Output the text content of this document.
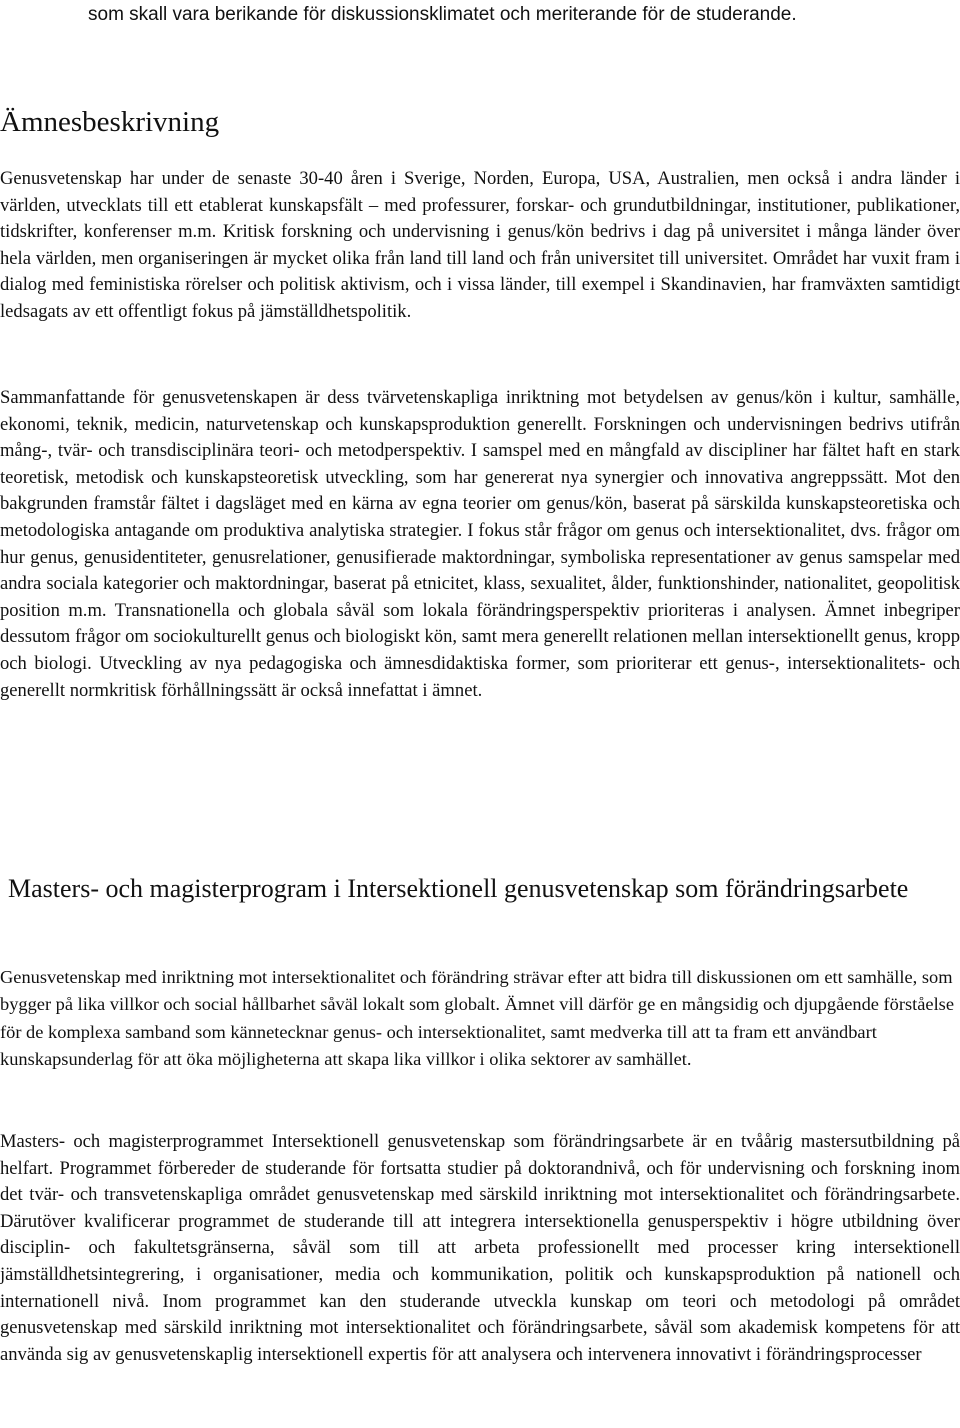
som skall vara berikande för diskussionsklimatet och meriterande för de studerande.

Ämnesbeskrivning

Genusvetenskap har under de senaste 30-40 åren i Sverige, Norden, Europa, USA, Australien, men också i andra länder i världen, utvecklats till ett etablerat kunskapsfält – med professurer, forskar- och grundutbildningar, institutioner, publikationer, tidskrifter, konferenser m.m. Kritisk forskning och undervisning i genus/kön bedrivs i dag på universitet i många länder över hela världen, men organiseringen är mycket olika från land till land och från universitet till universitet. Området har vuxit fram i dialog med feministiska rörelser och politisk aktivism, och i vissa länder, till exempel i Skandinavien, har framväxten samtidigt ledsagats av ett offentligt fokus på jämställdhetspolitik.

Sammanfattande för genusvetenskapen är dess tvärvetenskapliga inriktning mot betydelsen av genus/kön i kultur, samhälle, ekonomi, teknik, medicin, naturvetenskap och kunskapsproduktion generellt. Forskningen och undervisningen bedrivs utifrån mång-, tvär- och transdisciplinära teori- och metodperspektiv. I samspel med en mångfald av discipliner har fältet haft en stark teoretisk, metodisk och kunskapsteoretisk utveckling, som har genererat nya synergier och innovativa angreppssätt. Mot den bakgrunden framstår fältet i dagsläget med en kärna av egna teorier om genus/kön, baserat på särskilda kunskapsteoretiska och metodologiska antagande om produktiva analytiska strategier. I fokus står frågor om genus och intersektionalitet, dvs. frågor om hur genus, genusidentiteter, genusrelationer, genusifierade maktordningar, symboliska representationer av genus samspelar med andra sociala kategorier och maktordningar, baserat på etnicitet, klass, sexualitet, ålder, funktionshinder, nationalitet, geopolitisk position m.m. Transnationella och globala såväl som lokala förändringsperspektiv prioriteras i analysen. Ämnet inbegriper dessutom frågor om sociokulturellt genus och biologiskt kön, samt mera generellt relationen mellan intersektionellt genus, kropp och biologi. Utveckling av nya pedagogiska och ämnesdidaktiska former, som prioriterar ett genus-, intersektionalitets- och generellt normkritisk förhållningssätt är också innefattat i ämnet.

Masters- och magisterprogram i Intersektionell genusvetenskap som förändringsarbete

Genusvetenskap med inriktning mot intersektionalitet och förändring strävar efter att bidra till diskussionen om ett samhälle, som bygger på lika villkor och social hållbarhet såväl lokalt som globalt. Ämnet vill därför ge en mångsidig och djupgående förståelse för de komplexa samband som kännetecknar genus- och intersektionalitet, samt medverka till att ta fram ett användbart kunskapsunderlag för att öka möjligheterna att skapa lika villkor i olika sektorer av samhället.

Masters- och magisterprogrammet Intersektionell genusvetenskap som förändringsarbete är en tvåårig mastersutbildning på helfart. Programmet förbereder de studerande för fortsatta studier på doktorandnivå, och för undervisning och forskning inom det tvär- och transvetenskapliga området genusvetenskap med särskild inriktning mot intersektionalitet och förändringsarbete. Därutöver kvalificerar programmet de studerande till att integrera intersektionella genusperspektiv i högre utbildning över disciplin- och fakultetsgränserna, såväl som till att arbeta professionellt med processer kring intersektionell jämställdhetsintegrering, i organisationer, media och kommunikation, politik och kunskapsproduktion på nationell och internationell nivå. Inom programmet kan den studerande utveckla kunskap om teori och metodologi på området genusvetenskap med särskild inriktning mot intersektionalitet och förändringsarbete, såväl som akademisk kompetens för att använda sig av genusvetenskaplig intersektionell expertis för att analysera och intervenera innovativt i förändringsprocesser
